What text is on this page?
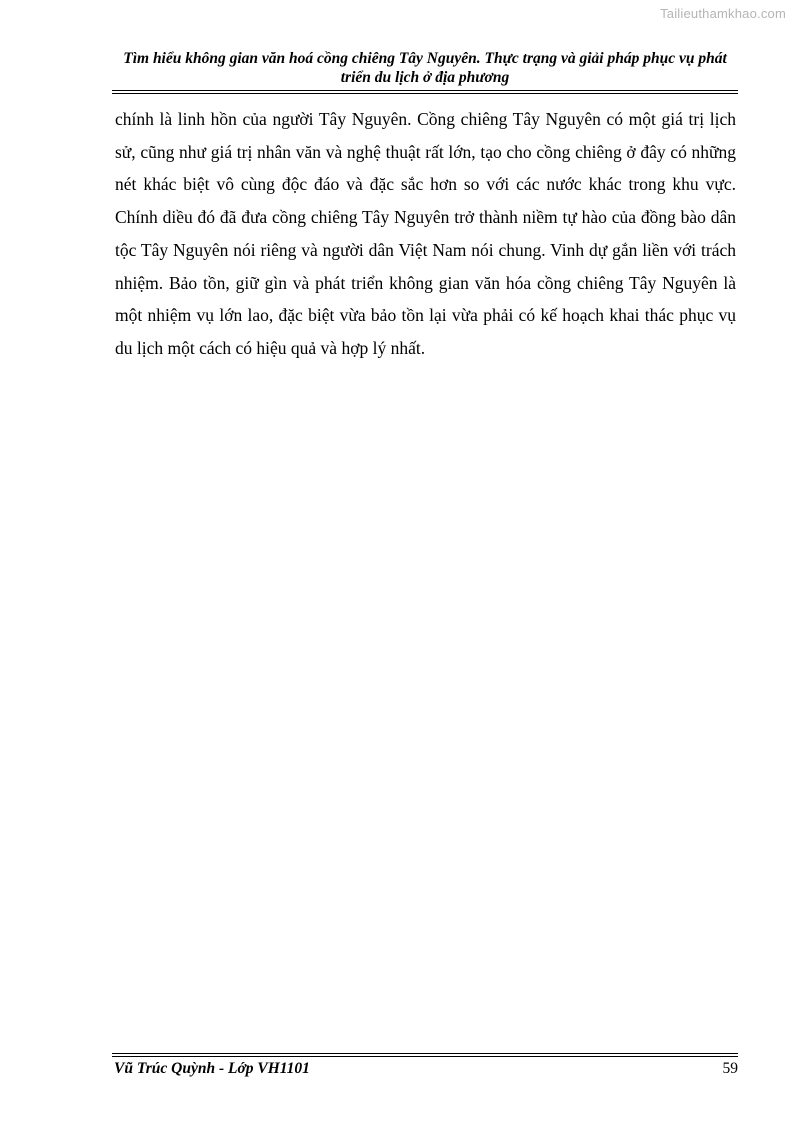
Tailieuthamkhao.com
Tìm hiểu không gian văn hoá cồng chiêng Tây Nguyên. Thực trạng và giải pháp phục vụ phát triển du lịch ở địa phương

chính là linh hồn của người Tây Nguyên. Cồng chiêng Tây Nguyên có một giá trị lịch sử, cũng như giá trị nhân văn và nghệ thuật rất lớn, tạo cho cồng chiêng ở đây có những nét khác biệt vô cùng độc đáo và đặc sắc hơn so với các nước khác trong khu vực. Chính diều đó đã đưa cồng chiêng Tây Nguyên trở thành niềm tự hào của đồng bào dân tộc Tây Nguyên nói riêng và người dân Việt Nam nói chung. Vinh dự gắn liền với trách nhiệm. Bảo tồn, giữ gìn và phát triển không gian văn hóa cồng chiêng Tây Nguyên là một nhiệm vụ lớn lao, đặc biệt vừa bảo tồn lại vừa phải có kế hoạch khai thác phục vụ du lịch một cách có hiệu quả và hợp lý nhất.

Vũ Trúc Quỳnh - Lớp VH1101	59
